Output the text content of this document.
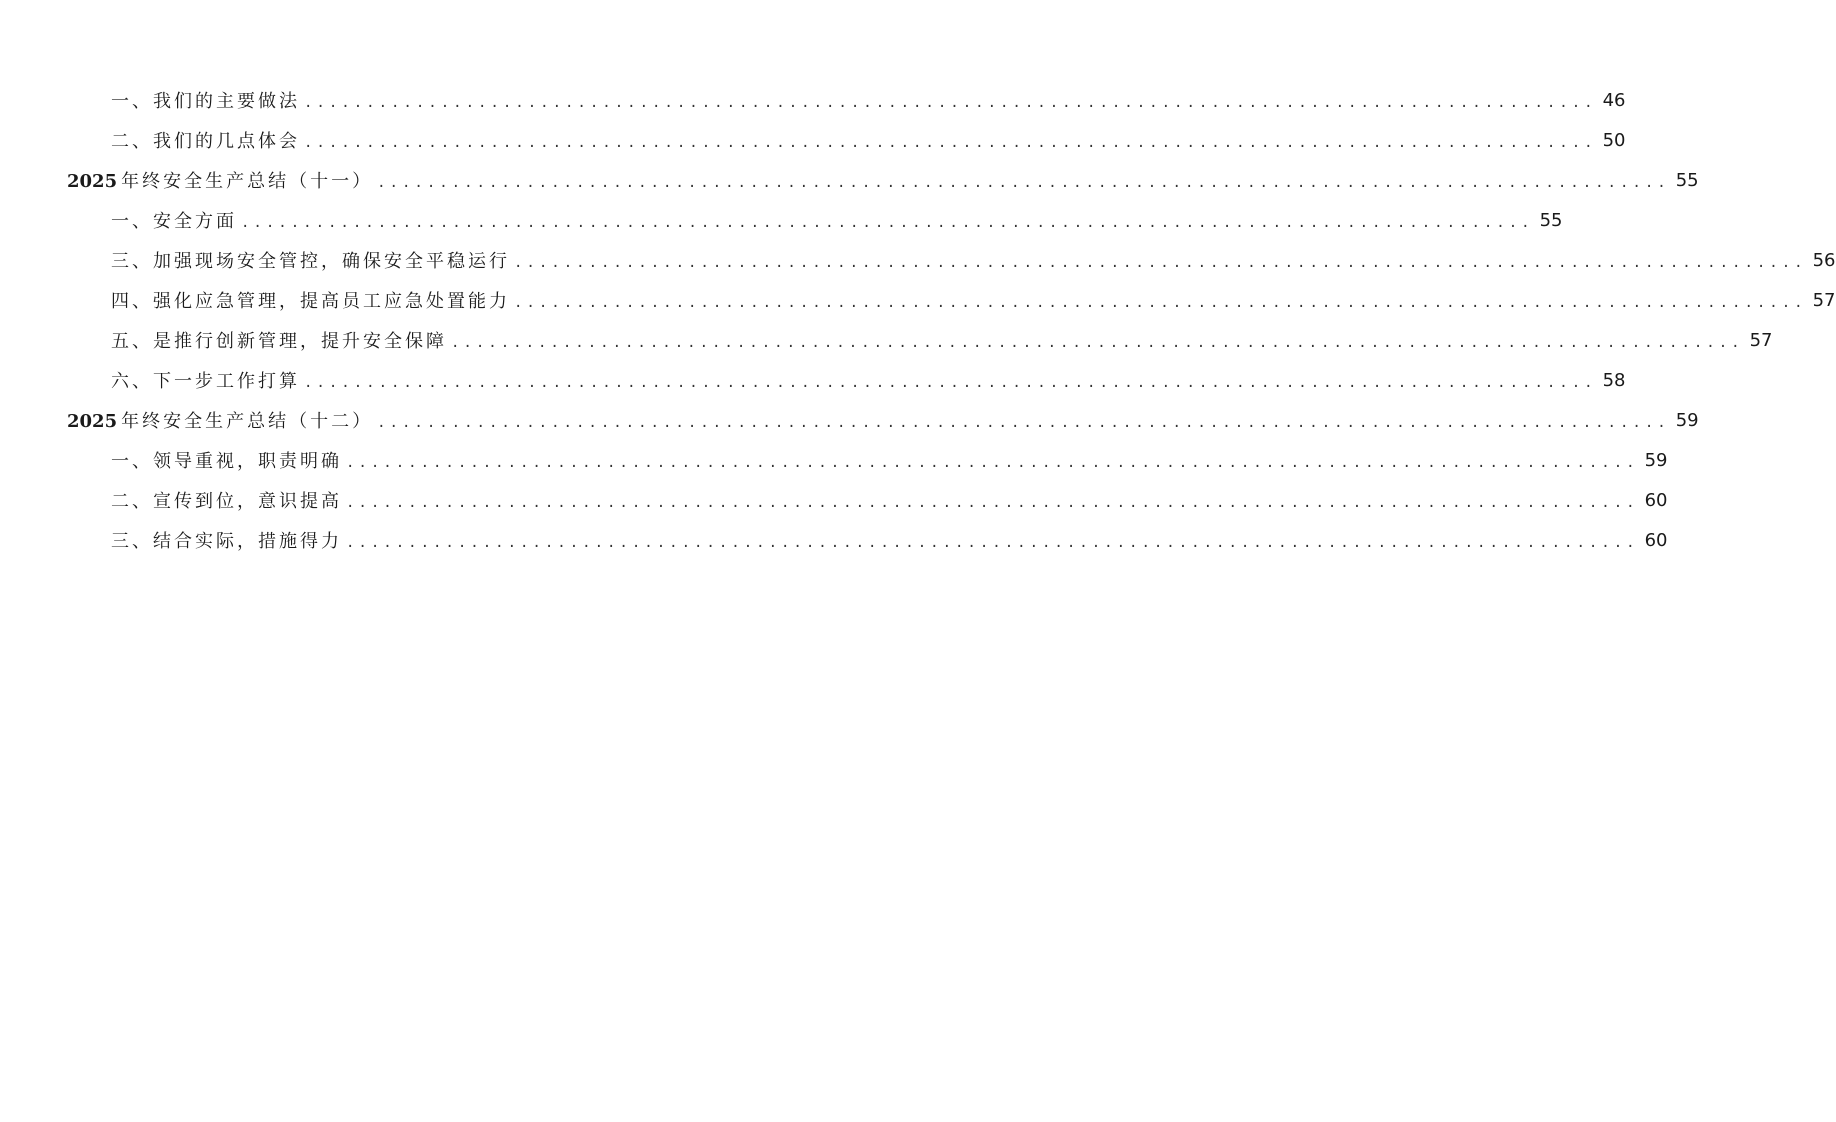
一、我们的主要做法 ........................................................................................................ 46
二、我们的几点体会 ........................................................................................................ 50
2025 年终安全生产总结（十一） ........................................................................................................ 55
一、安全方面 ........................................................................................................ 55
三、加强现场安全管控，确保安全平稳运行 ........................................................................................................ 56
四、强化应急管理，提高员工应急处置能力 ........................................................................................................ 57
五、是推行创新管理，提升安全保障 ........................................................................................................ 57
六、下一步工作打算 ........................................................................................................ 58
2025 年终安全生产总结（十二） ........................................................................................................ 59
一、领导重视，职责明确 ........................................................................................................ 59
二、宣传到位，意识提高 ........................................................................................................ 60
三、结合实际，措施得力 ........................................................................................................ 60
